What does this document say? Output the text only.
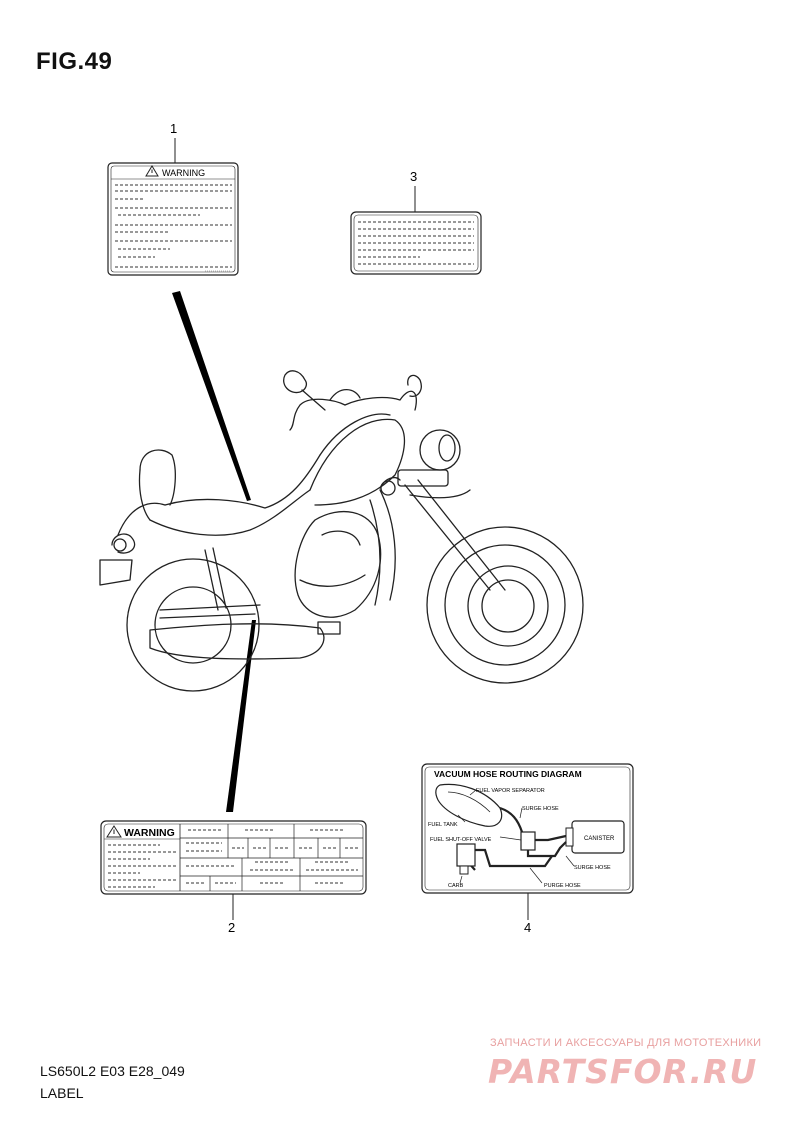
FIG.49
1
3
2	4
WARNING
WARNING
VACUUM HOSE ROUTING DIAGRAM
FUEL VAPOR SEPARATOR
SURGE HOSE
FUEL TANK
CANISTER
FUEL SHUT-OFF VALVE
SURGE HOSE
CARB	PURGE HOSE
ЗАПЧАСТИ И АКСЕССУАРЫ ДЛЯ МОТОТЕХНИКИ
PARTSFOR.RU
LS650L2 E03 E28_049
LABEL
